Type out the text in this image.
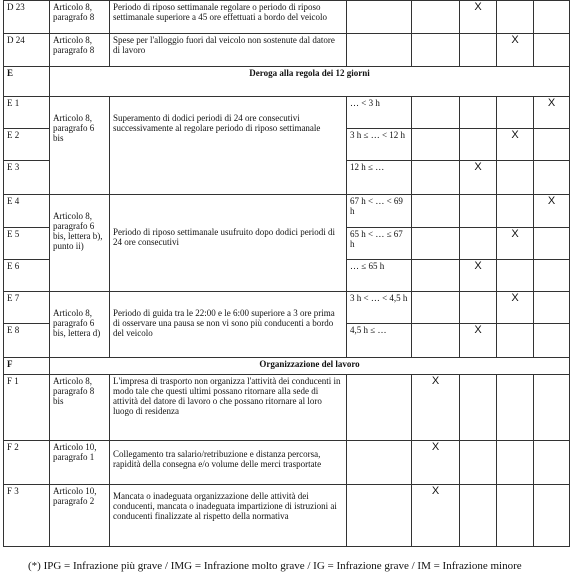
D 23	Articolo 8, paragrafo 8	Periodo di riposo settimanale regolare o periodo di riposo settimanale superiore a 45 ore effettuati a bordo del veicolo			X		
D 24	Articolo 8, paragrafo 8	Spese per l'alloggio fuori dal veicolo non sostenute dal datore di lavoro				X	
E	Deroga alla regola dei 12 giorni						
E 1	Articolo 8, paragrafo 6 bis	Superamento di dodici periodi di 24 ore consecutivi successivamente al regolare periodo di riposo settimanale	… < 3 h				X
E 2			3 h ≤ … < 12 h			X	
E 3			12 h ≤ …		X		
E 4	Articolo 8, paragrafo 6 bis, lettera b), punto ii)	Periodo di riposo settimanale usufruito dopo dodici periodi di 24 ore consecutivi	67 h < … < 69 h				X
E 5			65 h < … ≤ 67 h			X	
E 6			… ≤ 65 h		X		
E 7	Articolo 8, paragrafo 6 bis, lettera d)	Periodo di guida tra le 22:00 e le 6:00 superiore a 3 ore prima di osservare una pausa se non vi sono più conducenti a bordo del veicolo	3 h < … < 4,5 h			X	
E 8			4,5 h ≤ …		X		
F	Organizzazione del lavoro						
F 1	Articolo 8, paragrafo 8 bis	L'impresa di trasporto non organizza l'attività dei conducenti in modo tale che questi ultimi possano ritornare alla sede di attività del datore di lavoro o che possano ritornare al loro luogo di residenza		X			
F 2	Articolo 10, paragrafo 1	Collegamento tra salario/retribuzione e distanza percorsa, rapidità della consegna e/o volume delle merci trasportate		X			
F 3	Articolo 10, paragrafo 2	Mancata o inadeguata organizzazione delle attività dei conducenti, mancata o inadeguata impartizione di istruzioni ai conducenti finalizzate al rispetto della normativa		X			
(*) IPG = Infrazione più grave / IMG = Infrazione molto grave / IG = Infrazione grave / IM = Infrazione minore
